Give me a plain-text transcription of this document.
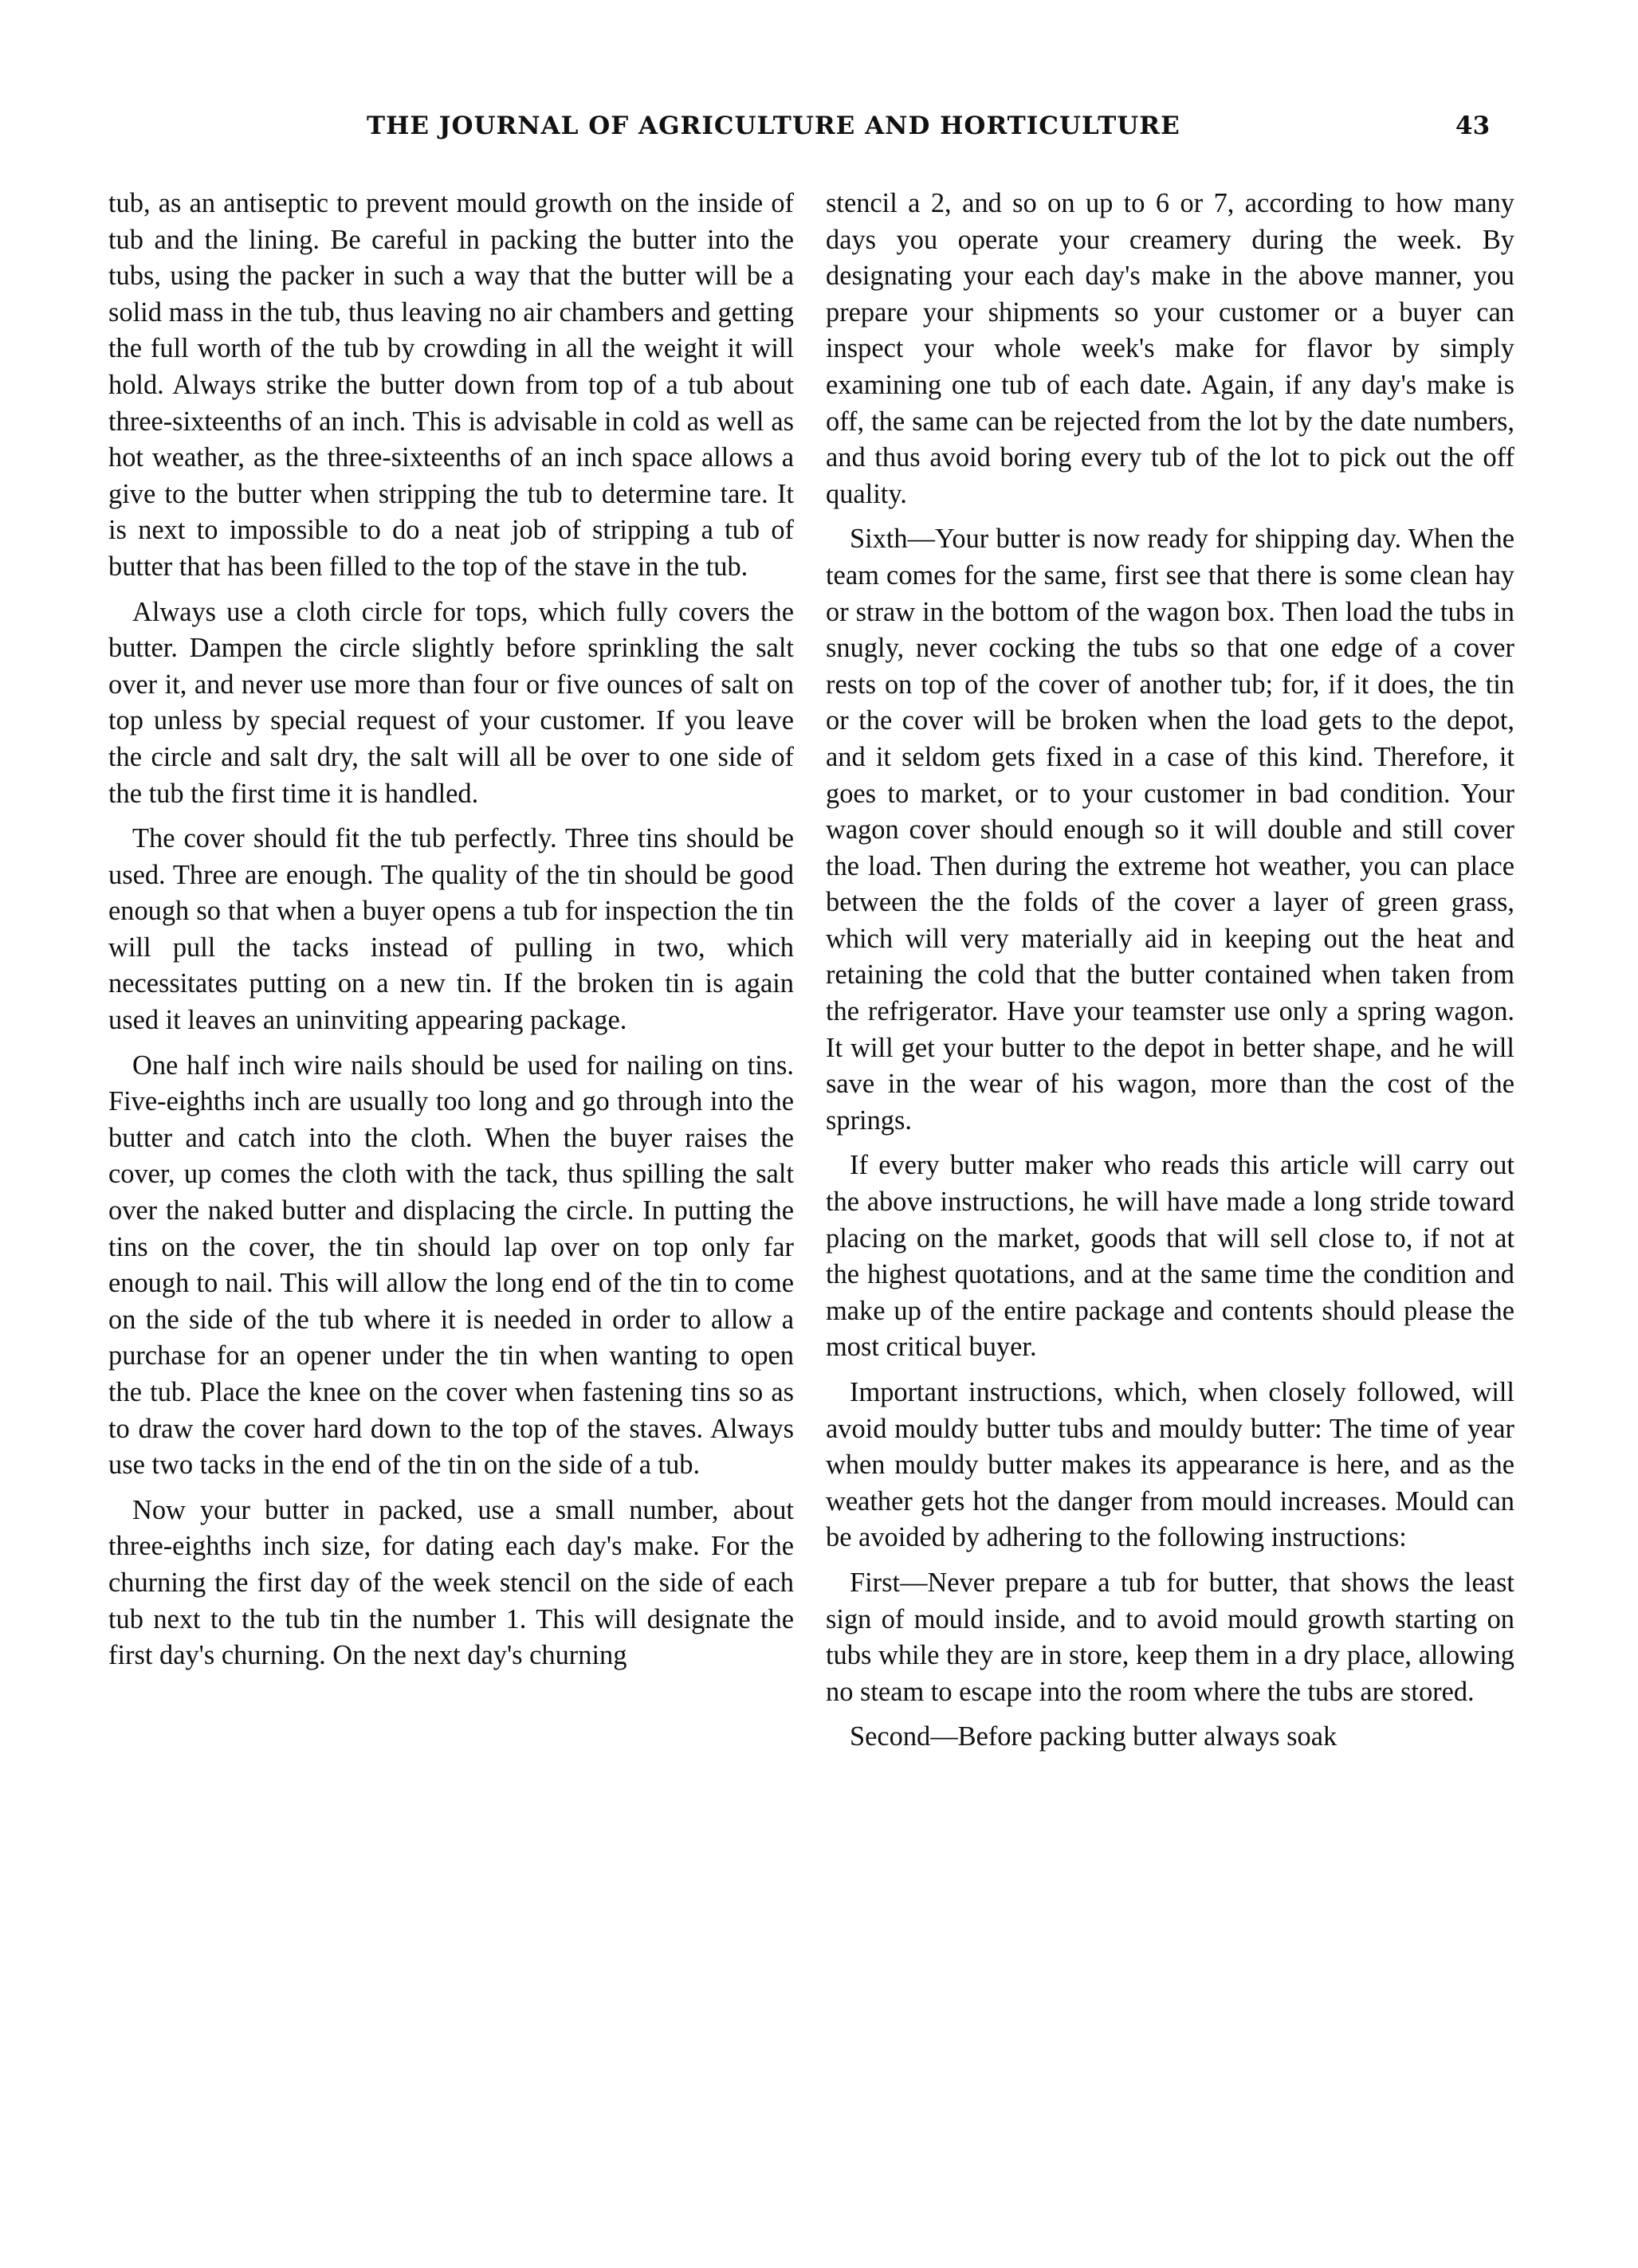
THE JOURNAL OF AGRICULTURE AND HORTICULTURE	43

tub, as an antiseptic to prevent mould growth on the inside of tub and the lining. Be careful in packing the butter into the tubs, using the packer in such a way that the butter will be a solid mass in the tub, thus leaving no air chambers and getting the full worth of the tub by crowding in all the weight it will hold. Always strike the butter down from top of a tub about three-sixteenths of an inch. This is advisable in cold as well as hot weather, as the three-sixteenths of an inch space allows a give to the butter when stripping the tub to determine tare. It is next to impossible to do a neat job of stripping a tub of butter that has been filled to the top of the stave in the tub.

Always use a cloth circle for tops, which fully covers the butter. Dampen the circle slightly before sprinkling the salt over it, and never use more than four or five ounces of salt on top unless by special request of your customer. If you leave the circle and salt dry, the salt will all be over to one side of the tub the first time it is handled.

The cover should fit the tub perfectly. Three tins should be used. Three are enough. The quality of the tin should be good enough so that when a buyer opens a tub for inspection the tin will pull the tacks instead of pulling in two, which necessitates putting on a new tin. If the broken tin is again used it leaves an uninviting appearing package.

One half inch wire nails should be used for nailing on tins. Five-eighths inch are usually too long and go through into the butter and catch into the cloth. When the buyer raises the cover, up comes the cloth with the tack, thus spilling the salt over the naked butter and displacing the circle. In putting the tins on the cover, the tin should lap over on top only far enough to nail. This will allow the long end of the tin to come on the side of the tub where it is needed in order to allow a purchase for an opener under the tin when wanting to open the tub. Place the knee on the cover when fastening tins so as to draw the cover hard down to the top of the staves. Always use two tacks in the end of the tin on the side of a tub.

Now your butter in packed, use a small number, about three-eighths inch size, for dating each day's make. For the churning the first day of the week stencil on the side of each tub next to the tub tin the number 1. This will designate the first day's churning. On the next day's churning

stencil a 2, and so on up to 6 or 7, according to how many days you operate your creamery during the week. By designating your each day's make in the above manner, you prepare your shipments so your customer or a buyer can inspect your whole week's make for flavor by simply examining one tub of each date. Again, if any day's make is off, the same can be rejected from the lot by the date numbers, and thus avoid boring every tub of the lot to pick out the off quality.

Sixth—Your butter is now ready for shipping day. When the team comes for the same, first see that there is some clean hay or straw in the bottom of the wagon box. Then load the tubs in snugly, never cocking the tubs so that one edge of a cover rests on top of the cover of another tub; for, if it does, the tin or the cover will be broken when the load gets to the depot, and it seldom gets fixed in a case of this kind. Therefore, it goes to market, or to your customer in bad condition. Your wagon cover should enough so it will double and still cover the load. Then during the extreme hot weather, you can place between the the folds of the cover a layer of green grass, which will very materially aid in keeping out the heat and retaining the cold that the butter contained when taken from the refrigerator. Have your teamster use only a spring wagon. It will get your butter to the depot in better shape, and he will save in the wear of his wagon, more than the cost of the springs.

If every butter maker who reads this article will carry out the above instructions, he will have made a long stride toward placing on the market, goods that will sell close to, if not at the highest quotations, and at the same time the condition and make up of the entire package and contents should please the most critical buyer.

Important instructions, which, when closely followed, will avoid mouldy butter tubs and mouldy butter: The time of year when mouldy butter makes its appearance is here, and as the weather gets hot the danger from mould increases. Mould can be avoided by adhering to the following instructions:

First—Never prepare a tub for butter, that shows the least sign of mould inside, and to avoid mould growth starting on tubs while they are in store, keep them in a dry place, allowing no steam to escape into the room where the tubs are stored.

Second—Before packing butter always soak
